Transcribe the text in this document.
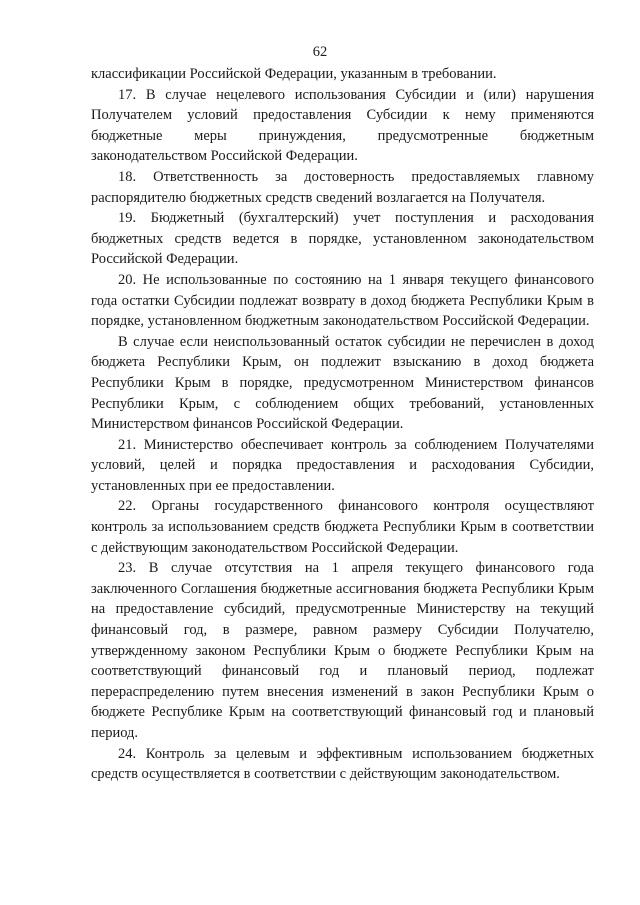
62

классификации Российской Федерации, указанным в требовании.

17. В случае нецелевого использования Субсидии и (или) нарушения Получателем условий предоставления Субсидии к нему применяются бюджетные меры принуждения, предусмотренные бюджетным законодательством Российской Федерации.

18. Ответственность за достоверность предоставляемых главному распорядителю бюджетных средств сведений возлагается на Получателя.

19. Бюджетный (бухгалтерский) учет поступления и расходования бюджетных средств ведется в порядке, установленном законодательством Российской Федерации.

20. Не использованные по состоянию на 1 января текущего финансового года остатки Субсидии подлежат возврату в доход бюджета Республики Крым в порядке, установленном бюджетным законодательством Российской Федерации.

В случае если неиспользованный остаток субсидии не перечислен в доход бюджета Республики Крым, он подлежит взысканию в доход бюджета Республики Крым в порядке, предусмотренном Министерством финансов Республики Крым, с соблюдением общих требований, установленных Министерством финансов Российской Федерации.

21. Министерство обеспечивает контроль за соблюдением Получателями условий, целей и порядка предоставления и расходования Субсидии, установленных при ее предоставлении.

22. Органы государственного финансового контроля осуществляют контроль за использованием средств бюджета Республики Крым в соответствии с действующим законодательством Российской Федерации.

23. В случае отсутствия на 1 апреля текущего финансового года заключенного Соглашения бюджетные ассигнования бюджета Республики Крым на предоставление субсидий, предусмотренные Министерству на текущий финансовый год, в размере, равном размеру Субсидии Получателю, утвержденному законом Республики Крым о бюджете Республики Крым на соответствующий финансовый год и плановый период, подлежат перераспределению путем внесения изменений в закон Республики Крым о бюджете Республике Крым на соответствующий финансовый год и плановый период.

24. Контроль за целевым и эффективным использованием бюджетных средств осуществляется в соответствии с действующим законодательством.
